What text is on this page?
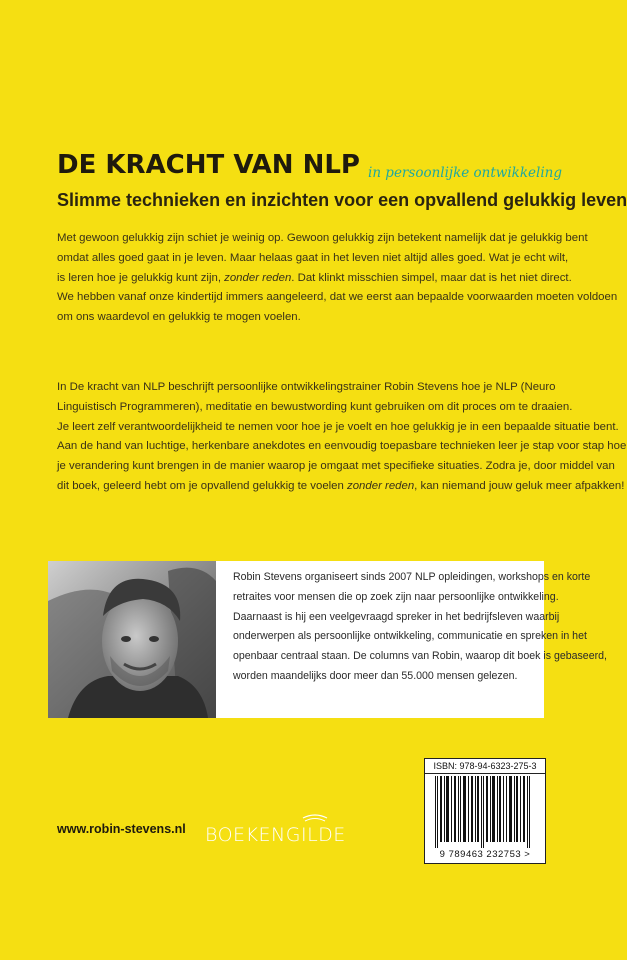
DE KRACHT VAN NLP in persoonlijke ontwikkeling
Slimme technieken en inzichten voor een opvallend gelukkig leven
Met gewoon gelukkig zijn schiet je weinig op. Gewoon gelukkig zijn betekent namelijk dat je gelukkig bent
omdat alles goed gaat in je leven. Maar helaas gaat in het leven niet altijd alles goed. Wat je echt wilt,
is leren hoe je gelukkig kunt zijn, zonder reden. Dat klinkt misschien simpel, maar dat is het niet direct.
We hebben vanaf onze kindertijd immers aangeleerd, dat we eerst aan bepaalde voorwaarden moeten voldoen
om ons waardevol en gelukkig te mogen voelen.
In De kracht van NLP beschrijft persoonlijke ontwikkelingstrainer Robin Stevens hoe je NLP (Neuro
Linguistisch Programmeren), meditatie en bewustwording kunt gebruiken om dit proces om te draaien.
Je leert zelf verantwoordelijkheid te nemen voor hoe je je voelt en hoe gelukkig je in een bepaalde situatie bent.
Aan de hand van luchtige, herkenbare anekdotes en eenvoudig toepasbare technieken leer je stap voor stap hoe
je verandering kunt brengen in de manier waarop je omgaat met specifieke situaties. Zodra je, door middel van
dit boek, geleerd hebt om je opvallend gelukkig te voelen zonder reden, kan niemand jouw geluk meer afpakken!
Robin Stevens organiseert sinds 2007 NLP opleidingen, workshops en korte
retraites voor mensen die op zoek zijn naar persoonlijke ontwikkeling.
Daarnaast is hij een veelgevraagd spreker in het bedrijfsleven waarbij
onderwerpen als persoonlijke ontwikkeling, communicatie en spreken in het
openbaar centraal staan. De columns van Robin, waarop dit boek is gebaseerd,
worden maandelijks door meer dan 55.000 mensen gelezen.
www.robin-stevens.nl BOEKENGILDE
ISBN: 978-94-6323-275-3
9 789463 232753 >
